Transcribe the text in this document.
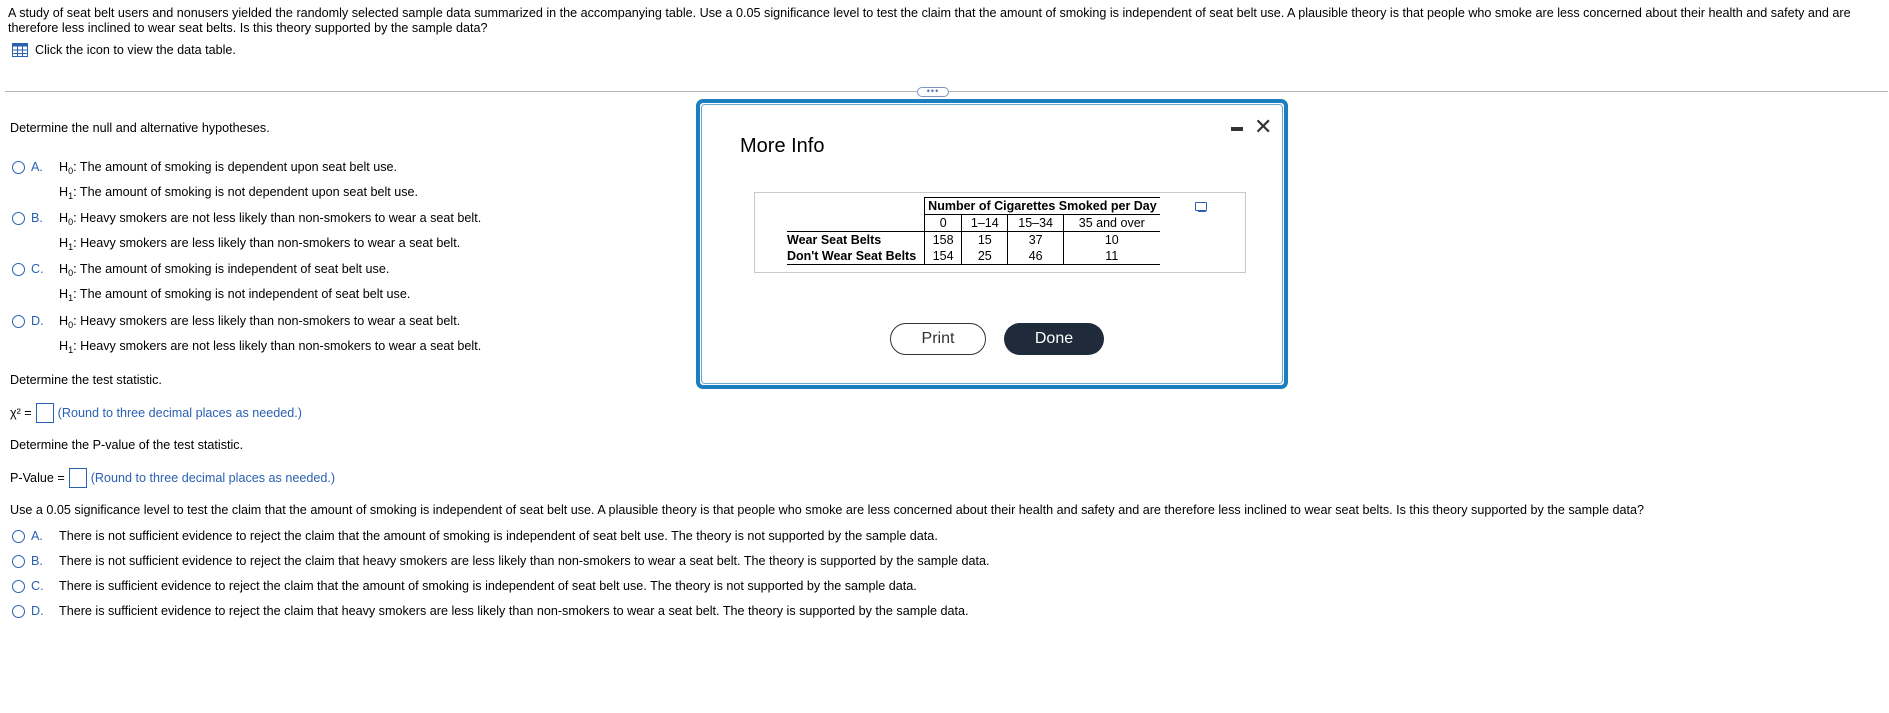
A study of seat belt users and nonusers yielded the randomly selected sample data summarized in the accompanying table. Use a 0.05 significance level to test the claim that the amount of smoking is independent of seat belt use. A plausible theory is that people who smoke are less concerned about their health and safety and are therefore less inclined to wear seat belts. Is this theory supported by the sample data?
Click the icon to view the data table.
•••
Determine the null and alternative hypotheses.
A.	$H_0$: The amount of smoking is dependent upon seat belt use.
$H_1$: The amount of smoking is not dependent upon seat belt use.
B.	$H_0$: Heavy smokers are not less likely than non-smokers to wear a seat belt.
$H_1$: Heavy smokers are less likely than non-smokers to wear a seat belt.
C.	$H_0$: The amount of smoking is independent of seat belt use.
$H_1$: The amount of smoking is not independent of seat belt use.
D.	$H_0$: Heavy smokers are less likely than non-smokers to wear a seat belt.
$H_1$: Heavy smokers are not less likely than non-smokers to wear a seat belt.
Determine the test statistic.
χ² = (Round to three decimal places as needed.)
Determine the P-value of the test statistic.
P-Value = (Round to three decimal places as needed.)
Use a 0.05 significance level to test the claim that the amount of smoking is independent of seat belt use. A plausible theory is that people who smoke are less concerned about their health and safety and are therefore less inclined to wear seat belts. Is this theory supported by the sample data?
A.	There is not sufficient evidence to reject the claim that the amount of smoking is independent of seat belt use. The theory is not supported by the sample data.
B.	There is not sufficient evidence to reject the claim that heavy smokers are less likely than non-smokers to wear a seat belt. The theory is supported by the sample data.
C.	There is sufficient evidence to reject the claim that the amount of smoking is independent of seat belt use. The theory is not supported by the sample data.
D.	There is sufficient evidence to reject the claim that heavy smokers are less likely than non-smokers to wear a seat belt. The theory is supported by the sample data.
More Info
✕
	Number of Cigarettes Smoked per Day			
	0	1–14	15–34	35 and over
Wear Seat Belts	158	15	37	10
Don't Wear Seat Belts	154	25	46	11
Print	Done
